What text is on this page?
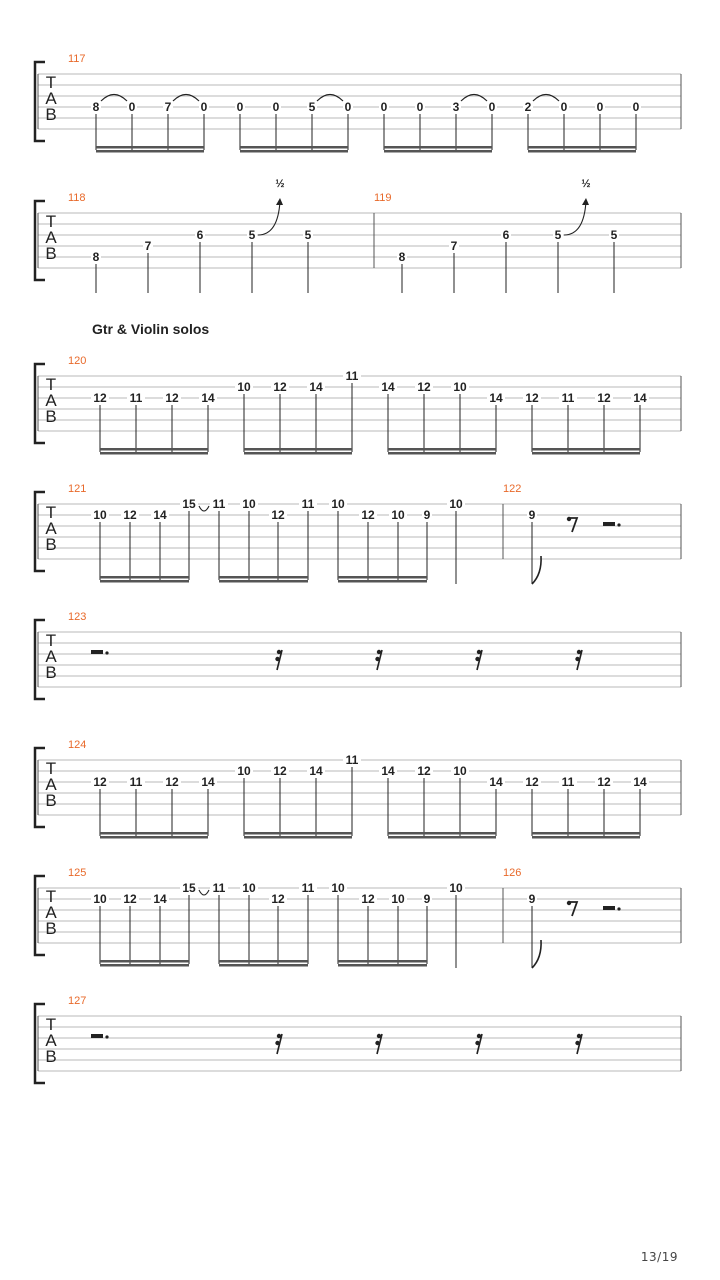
T
A
B
117
8 0 7 0 0 0 5 0 0 0 3 0 2 0 0 0
T
A
B
118
8
7
6
½
5	5
119
8
7
6
½
5	5
T
A
B
120
12 11 12 14
10 12 14
11
14 12 10
14 12 11 12 14
T
A
B
124
12 11 12 14
10 12 14
11
14 12 10
14 12 11 12 14
T
A
B
121
10 12 14
15 11 10
12
11 10
12 10 9
10
122
9
T
A
B
125
10 12 14
15 11 10
12
11 10
12 10 9
10
126
9
T
A
B
123
T
A
B
127
Gtr & Violin solos
13/19
